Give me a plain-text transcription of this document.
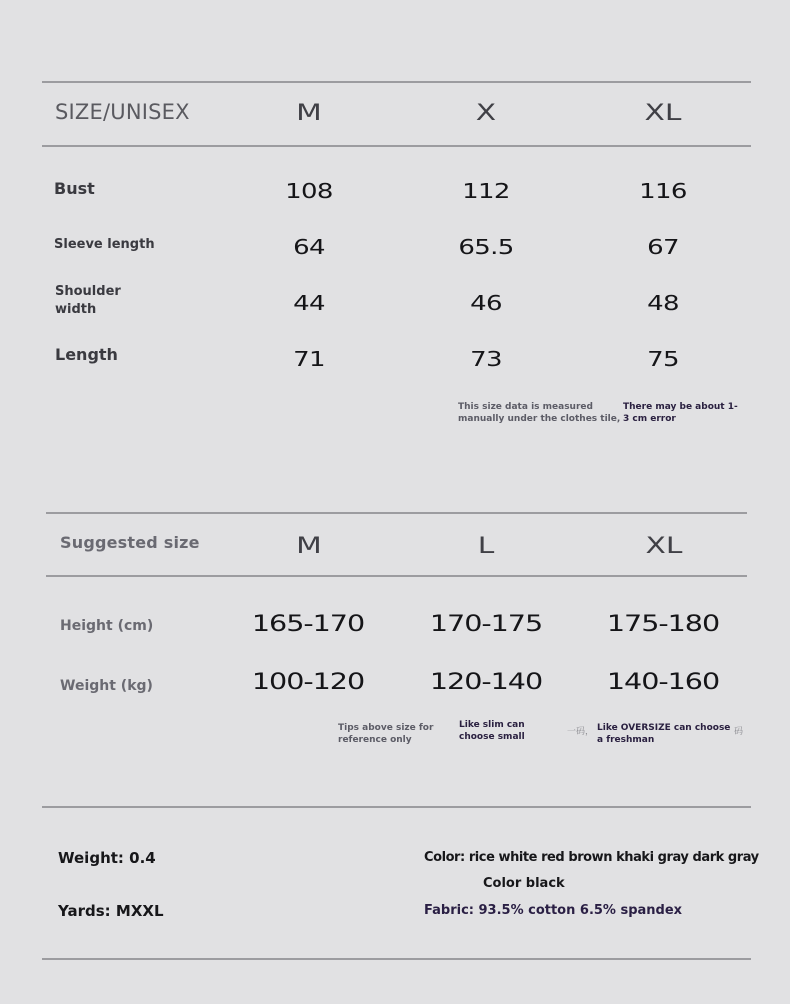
SIZE/UNISEX	M	X	XL
Bust	108	112	116
Sleeve length	64	65.5	67
Shoulder
width	44	46	48
Length	71	73	75
This size data is measured manually under the clothes tile,
There may be about 1-3 cm error
Suggested size	M	L	XL
Height (cm)	165-170	170-175	175-180
Weight (kg)	100-120	120-140	140-160
Tips above size for reference only
Like slim can choose small	一码， Like OVERSIZE can choose a freshman
码
Weight: 0.4
Yards: MXXL
Color: rice white red brown khaki gray dark gray
Color black
Fabric: 93.5% cotton 6.5% spandex
